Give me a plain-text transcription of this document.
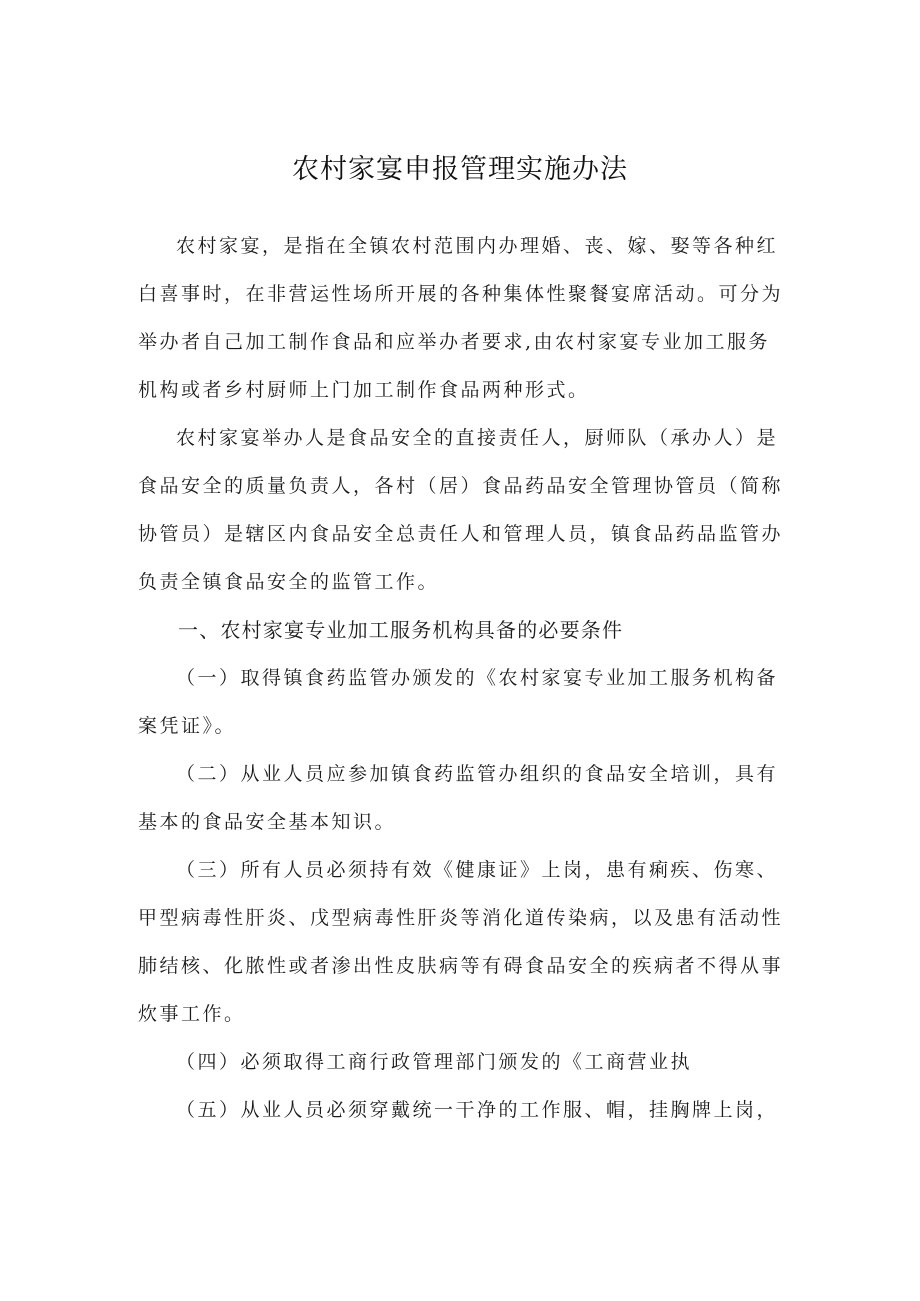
农村家宴申报管理实施办法

农村家宴，是指在全镇农村范围内办理婚、丧、嫁、娶等各种红
白喜事时，在非营运性场所开展的各种集体性聚餐宴席活动。可分为
举办者自己加工制作食品和应举办者要求,由农村家宴专业加工服务
机构或者乡村厨师上门加工制作食品两种形式。

农村家宴举办人是食品安全的直接责任人，厨师队（承办人）是
食品安全的质量负责人，各村（居）食品药品安全管理协管员（简称
协管员）是辖区内食品安全总责任人和管理人员，镇食品药品监管办
负责全镇食品安全的监管工作。

一、农村家宴专业加工服务机构具备的必要条件

（一）取得镇食药监管办颁发的《农村家宴专业加工服务机构备
案凭证》。

（二）从业人员应参加镇食药监管办组织的食品安全培训，具有
基本的食品安全基本知识。

（三）所有人员必须持有效《健康证》上岗，患有痢疾、伤寒、
甲型病毒性肝炎、戊型病毒性肝炎等消化道传染病，以及患有活动性
肺结核、化脓性或者渗出性皮肤病等有碍食品安全的疾病者不得从事
炊事工作。

（四）必须取得工商行政管理部门颁发的《工商营业执

（五）从业人员必须穿戴统一干净的工作服、帽，挂胸牌上岗，
